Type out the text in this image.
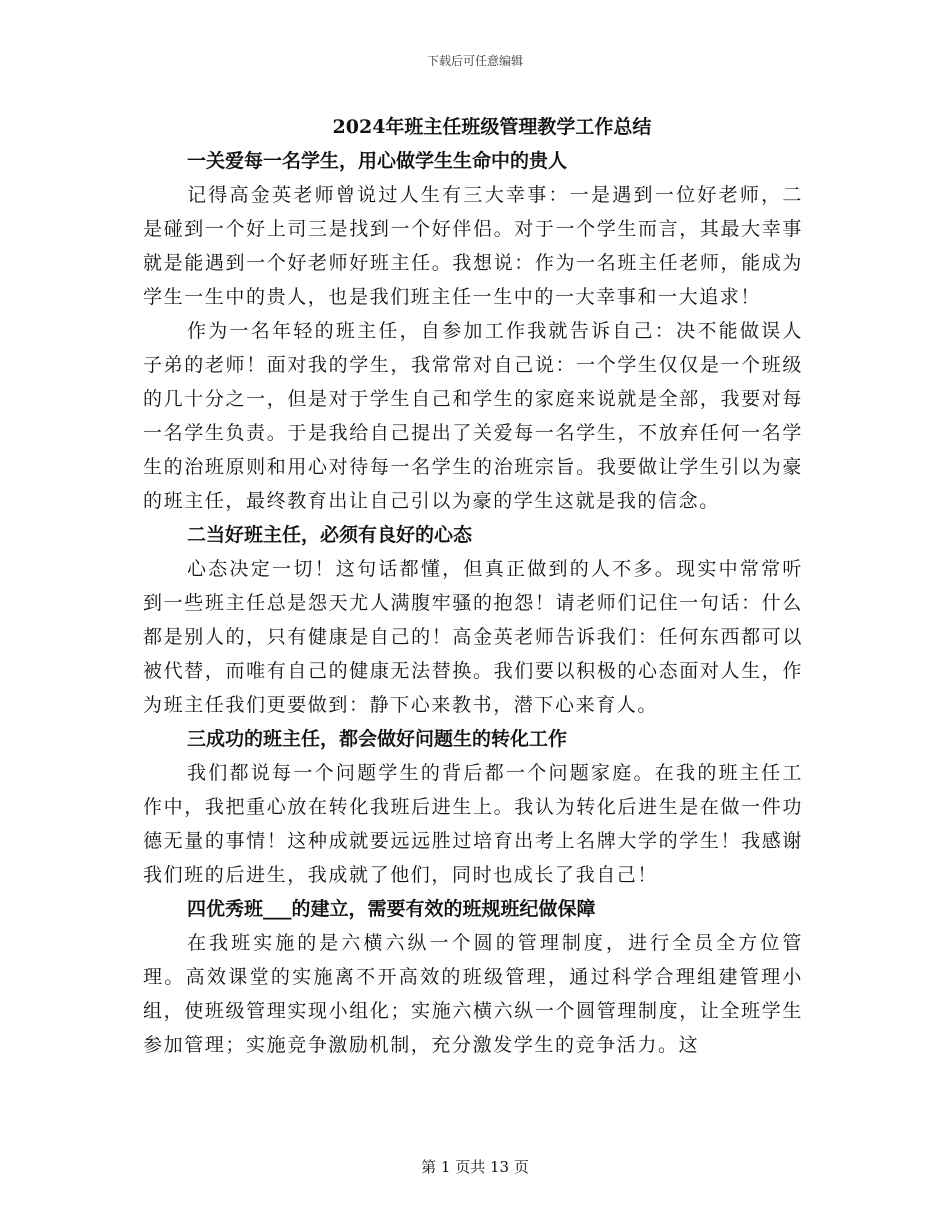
下载后可任意编辑
2024年班主任班级管理教学工作总结
一关爱每一名学生，用心做学生生命中的贵人

记得高金英老师曾说过人生有三大幸事：一是遇到一位好老师，二是碰到一个好上司三是找到一个好伴侣。对于一个学生而言，其最大幸事就是能遇到一个好老师好班主任。我想说：作为一名班主任老师，能成为学生一生中的贵人，也是我们班主任一生中的一大幸事和一大追求！

作为一名年轻的班主任，自参加工作我就告诉自己：决不能做误人子弟的老师！面对我的学生，我常常对自己说：一个学生仅仅是一个班级的几十分之一，但是对于学生自己和学生的家庭来说就是全部，我要对每一名学生负责。于是我给自己提出了关爱每一名学生，不放弃任何一名学生的治班原则和用心对待每一名学生的治班宗旨。我要做让学生引以为豪的班主任，最终教育出让自己引以为豪的学生这就是我的信念。

二当好班主任，必须有良好的心态

心态决定一切！这句话都懂，但真正做到的人不多。现实中常常听到一些班主任总是怨天尤人满腹牢骚的抱怨！请老师们记住一句话：什么都是别人的，只有健康是自己的！高金英老师告诉我们：任何东西都可以被代替，而唯有自己的健康无法替换。我们要以积极的心态面对人生，作为班主任我们更要做到：静下心来教书，潜下心来育人。

三成功的班主任，都会做好问题生的转化工作

我们都说每一个问题学生的背后都一个问题家庭。在我的班主任工作中，我把重心放在转化我班后进生上。我认为转化后进生是在做一件功德无量的事情！这种成就要远远胜过培育出考上名牌大学的学生！我感谢我们班的后进生，我成就了他们，同时也成长了我自己！

四优秀班___的建立，需要有效的班规班纪做保障

在我班实施的是六横六纵一个圆的管理制度，进行全员全方位管理。高效课堂的实施离不开高效的班级管理，通过科学合理组建管理小组，使班级管理实现小组化；实施六横六纵一个圆管理制度，让全班学生参加管理；实施竞争激励机制，充分激发学生的竞争活力。这

第 1 页共 13 页
